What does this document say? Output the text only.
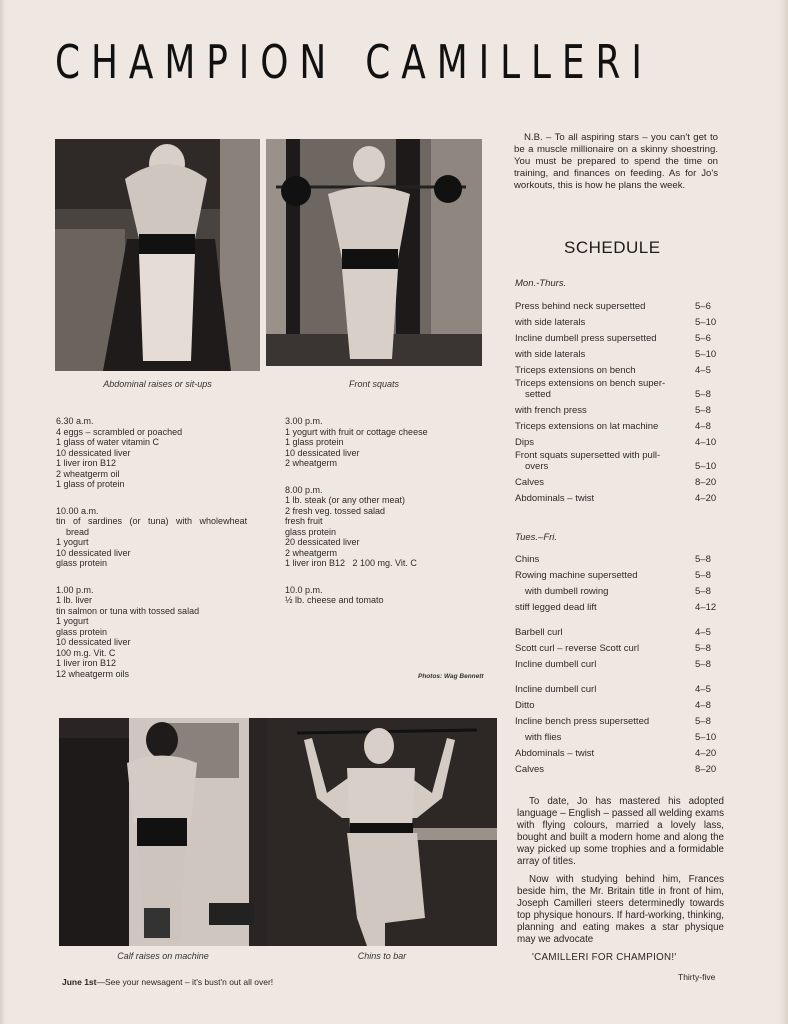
CHAMPION CAMILLERI
Abdominal raises or sit-ups	Front squats
6.30 a.m.
4 eggs – scrambled or poached
1 glass of water vitamin C
10 dessicated liver
1 liver iron B12
2 wheatgerm oil
1 glass of protein
10.00 a.m.
tin of sardines (or tuna) with wholewheat
bread
1 yogurt
10 dessicated liver
glass protein
1.00 p.m.
1 lb. liver
tin salmon or tuna with tossed salad
1 yogurt
glass protein
10 dessicated liver
100 m.g. Vit. C
1 liver iron B12
12 wheatgerm oils
3.00 p.m.
1 yogurt with fruit or cottage cheese
1 glass protein
10 dessicated liver
2 wheatgerm
8.00 p.m.
1 lb. steak (or any other meat)
2 fresh veg. tossed salad
fresh fruit
glass protein
20 dessicated liver
2 wheatgerm
1 liver iron B12   2 100 mg. Vit. C
10.0 p.m.
½ lb. cheese and tomato
Photos: Wag Bennett
Calf raises on machine	Chins to bar

N.B. – To all aspiring stars – you can't get to be a muscle millionaire on a skinny shoestring. You must be prepared to spend the time on training, and finances on feeding. As for Jo's workouts, this is how he plans the week.

SCHEDULE
Mon.-Thurs.
Press behind neck supersetted	5–6
with side laterals	5–10
Incline dumbell press supersetted	5–6
with side laterals	5–10
Triceps extensions on bench	4–5
Triceps extensions on bench super-
setted	5–8
with french press	5–8
Triceps extensions on lat machine	4–8
Dips	4–10
Front squats supersetted with pull-
overs	5–10
Calves	8–20
Abdominals – twist	4–20
Tues.–Fri.
Chins	5–8
Rowing machine supersetted	5–8
with dumbell rowing	5–8
stiff legged dead lift	4–12
Barbell curl	4–5
Scott curl – reverse Scott curl	5–8
Incline dumbell curl	5–8
Incline dumbell curl	4–5
Ditto	4–8
Incline bench press supersetted	5–8
with flies	5–10
Abdominals – twist	4–20
Calves	8–20

To date, Jo has mastered his adopted language – English – passed all welding exams with flying colours, married a lovely lass, bought and built a modern home and along the way picked up some trophies and a formidable array of titles.

Now with studying behind him, Frances beside him, the Mr. Britain title in front of him, Joseph Camilleri steers determinedly towards top physique honours. If hard-working, thinking, planning and eating makes a star physique may we advocate

'CAMILLERI FOR CHAMPION!'

June 1st—See your newsagent – it's bust'n out all over!	Thirty-five
